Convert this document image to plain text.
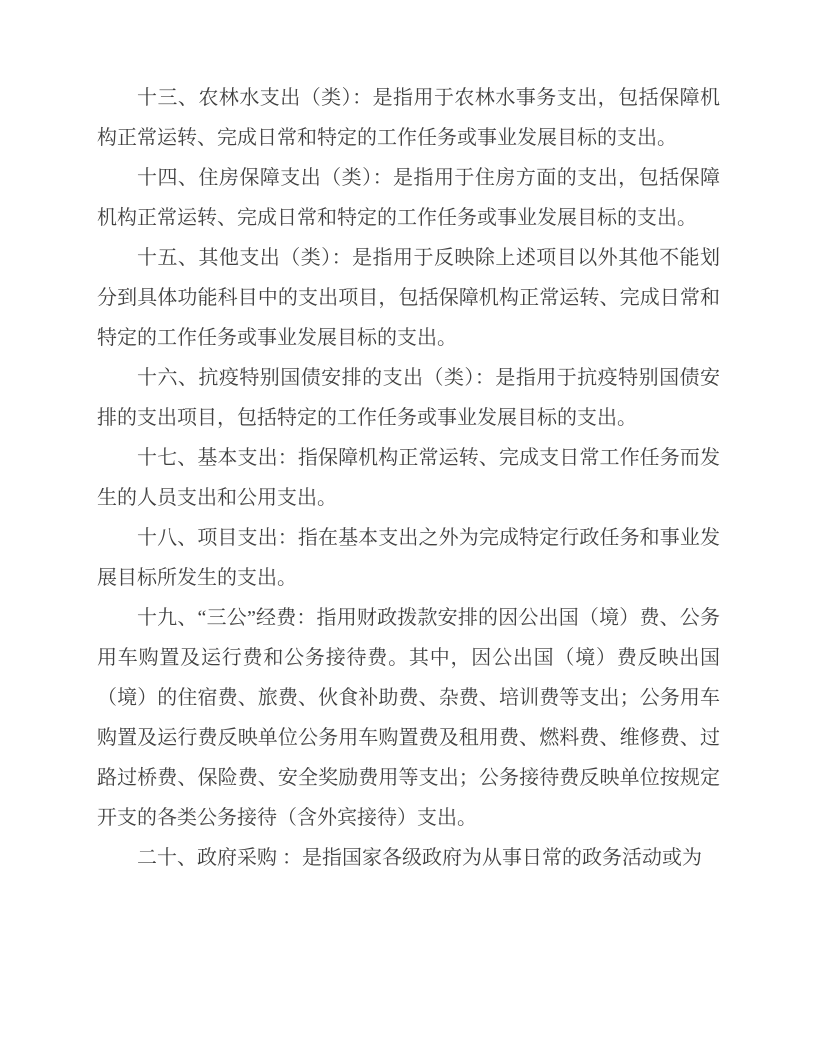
十三、农林水支出（类）：是指用于农林水事务支出，包括保障机构正常运转、完成日常和特定的工作任务或事业发展目标的支出。

十四、住房保障支出（类）：是指用于住房方面的支出，包括保障机构正常运转、完成日常和特定的工作任务或事业发展目标的支出。

十五、其他支出（类）：是指用于反映除上述项目以外其他不能划分到具体功能科目中的支出项目，包括保障机构正常运转、完成日常和特定的工作任务或事业发展目标的支出。

十六、抗疫特别国债安排的支出（类）：是指用于抗疫特别国债安排的支出项目，包括特定的工作任务或事业发展目标的支出。

十七、基本支出：指保障机构正常运转、完成支日常工作任务而发生的人员支出和公用支出。

十八、项目支出：指在基本支出之外为完成特定行政任务和事业发展目标所发生的支出。

十九、“三公”经费：指用财政拨款安排的因公出国（境）费、公务用车购置及运行费和公务接待费。其中，因公出国（境）费反映出国（境）的住宿费、旅费、伙食补助费、杂费、培训费等支出；公务用车购置及运行费反映单位公务用车购置费及租用费、燃料费、维修费、过路过桥费、保险费、安全奖励费用等支出；公务接待费反映单位按规定开支的各类公务接待（含外宾接待）支出。

二十、政府采购 ：是指国家各级政府为从事日常的政务活动或为
